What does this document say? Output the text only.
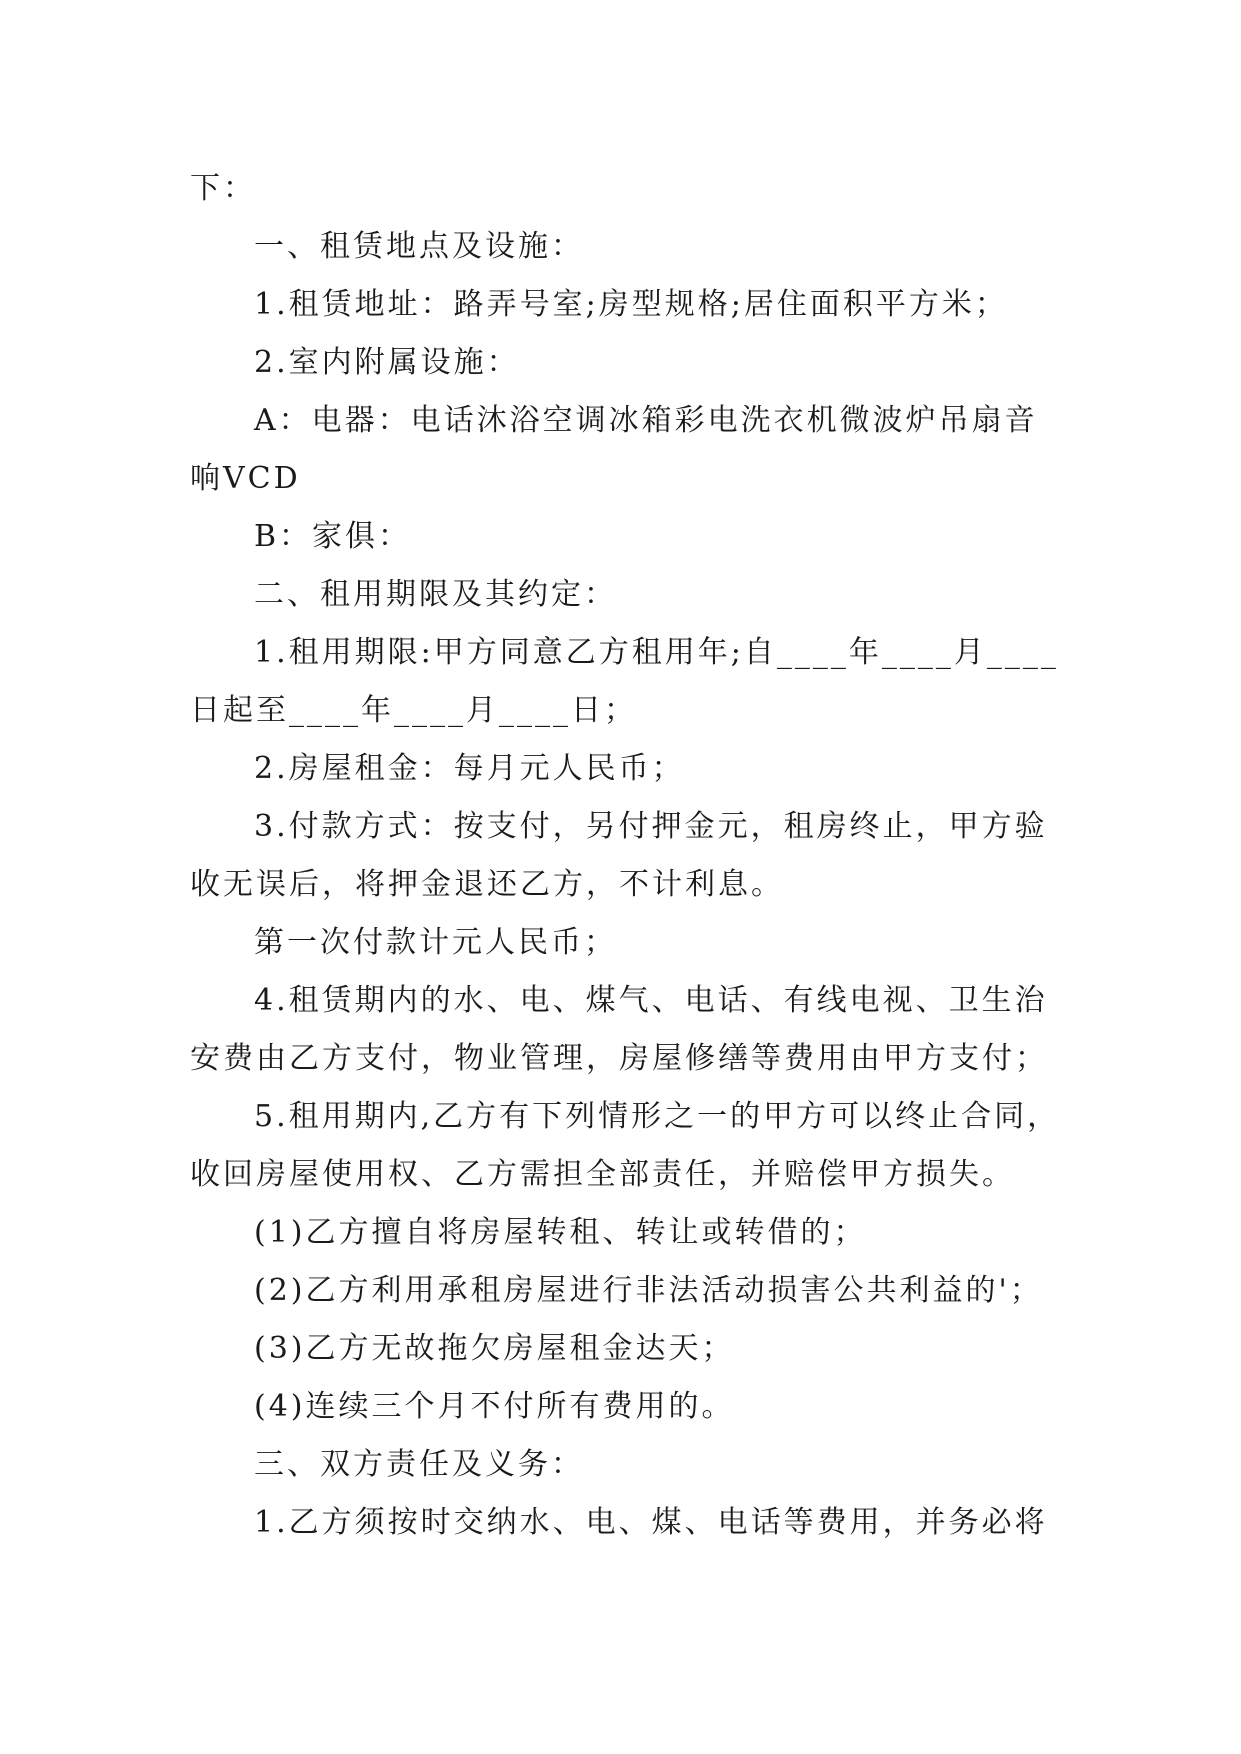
下：
一、租赁地点及设施：
1.租赁地址：路弄号室;房型规格;居住面积平方米；
2.室内附属设施：
A：电器：电话沐浴空调冰箱彩电洗衣机微波炉吊扇音
响VCD
B：家俱：
二、租用期限及其约定：
1.租用期限:甲方同意乙方租用年;自____年____月____
日起至____年____月____日；
2.房屋租金：每月元人民币；
3.付款方式：按支付，另付押金元，租房终止，甲方验
收无误后，将押金退还乙方，不计利息。
第一次付款计元人民币；
4.租赁期内的水、电、煤气、电话、有线电视、卫生治
安费由乙方支付，物业管理，房屋修缮等费用由甲方支付；
5.租用期内,乙方有下列情形之一的甲方可以终止合同，
收回房屋使用权、乙方需担全部责任，并赔偿甲方损失。
(1)乙方擅自将房屋转租、转让或转借的；
(2)乙方利用承租房屋进行非法活动损害公共利益的'；
(3)乙方无故拖欠房屋租金达天；
(4)连续三个月不付所有费用的。
三、双方责任及义务：
1.乙方须按时交纳水、电、煤、电话等费用，并务必将
